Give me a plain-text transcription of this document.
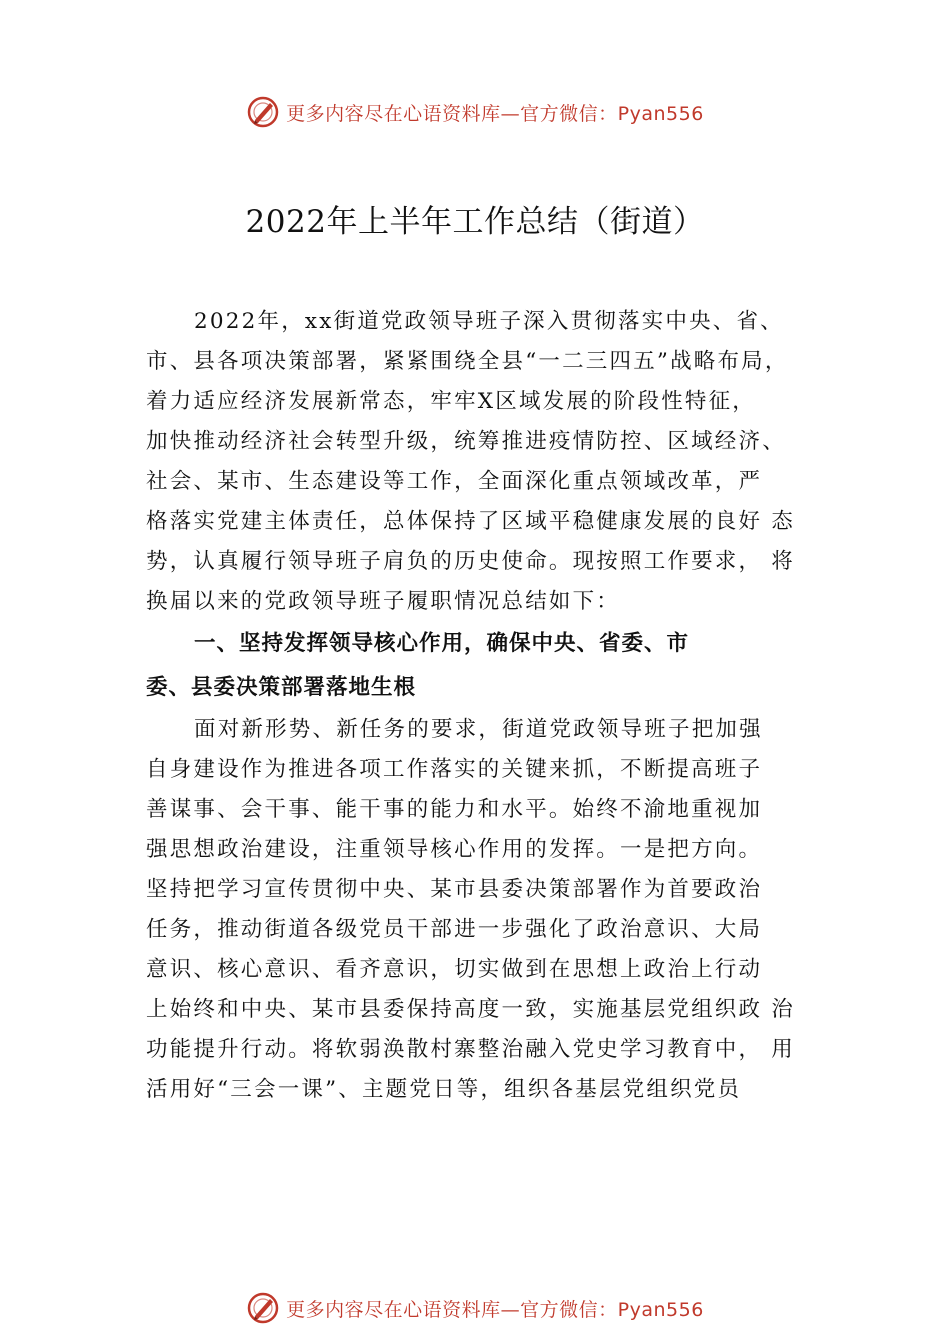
更多内容尽在心语资料库—官方微信：Pyan556
2022年上半年工作总结（街道）
2022年，xx街道党政领导班子深入贯彻落实中央、省、
市、县各项决策部署，紧紧围绕全县“一二三四五”战略布局，
着力适应经济发展新常态，牢牢X区域发展的阶段性特征，
加快推动经济社会转型升级，统筹推进疫情防控、区域经济、
社会、某市、生态建设等工作，全面深化重点领域改革，严
格落实党建主体责任，总体保持了区域平稳健康发展的良好 态
势，认真履行领导班子肩负的历史使命。现按照工作要求， 将
换届以来的党政领导班子履职情况总结如下：
一、坚持发挥领导核心作用，确保中央、省委、市
委、县委决策部署落地生根
面对新形势、新任务的要求，街道党政领导班子把加强
自身建设作为推进各项工作落实的关键来抓，不断提高班子
善谋事、会干事、能干事的能力和水平。始终不渝地重视加
强思想政治建设，注重领导核心作用的发挥。一是把方向。
坚持把学习宣传贯彻中央、某市县委决策部署作为首要政治
任务，推动街道各级党员干部进一步强化了政治意识、大局
意识、核心意识、看齐意识，切实做到在思想上政治上行动
上始终和中央、某市县委保持高度一致，实施基层党组织政 治
功能提升行动。将软弱涣散村寨整治融入党史学习教育中， 用
活用好“三会一课”、主题党日等，组织各基层党组织党员
更多内容尽在心语资料库—官方微信：Pyan556
